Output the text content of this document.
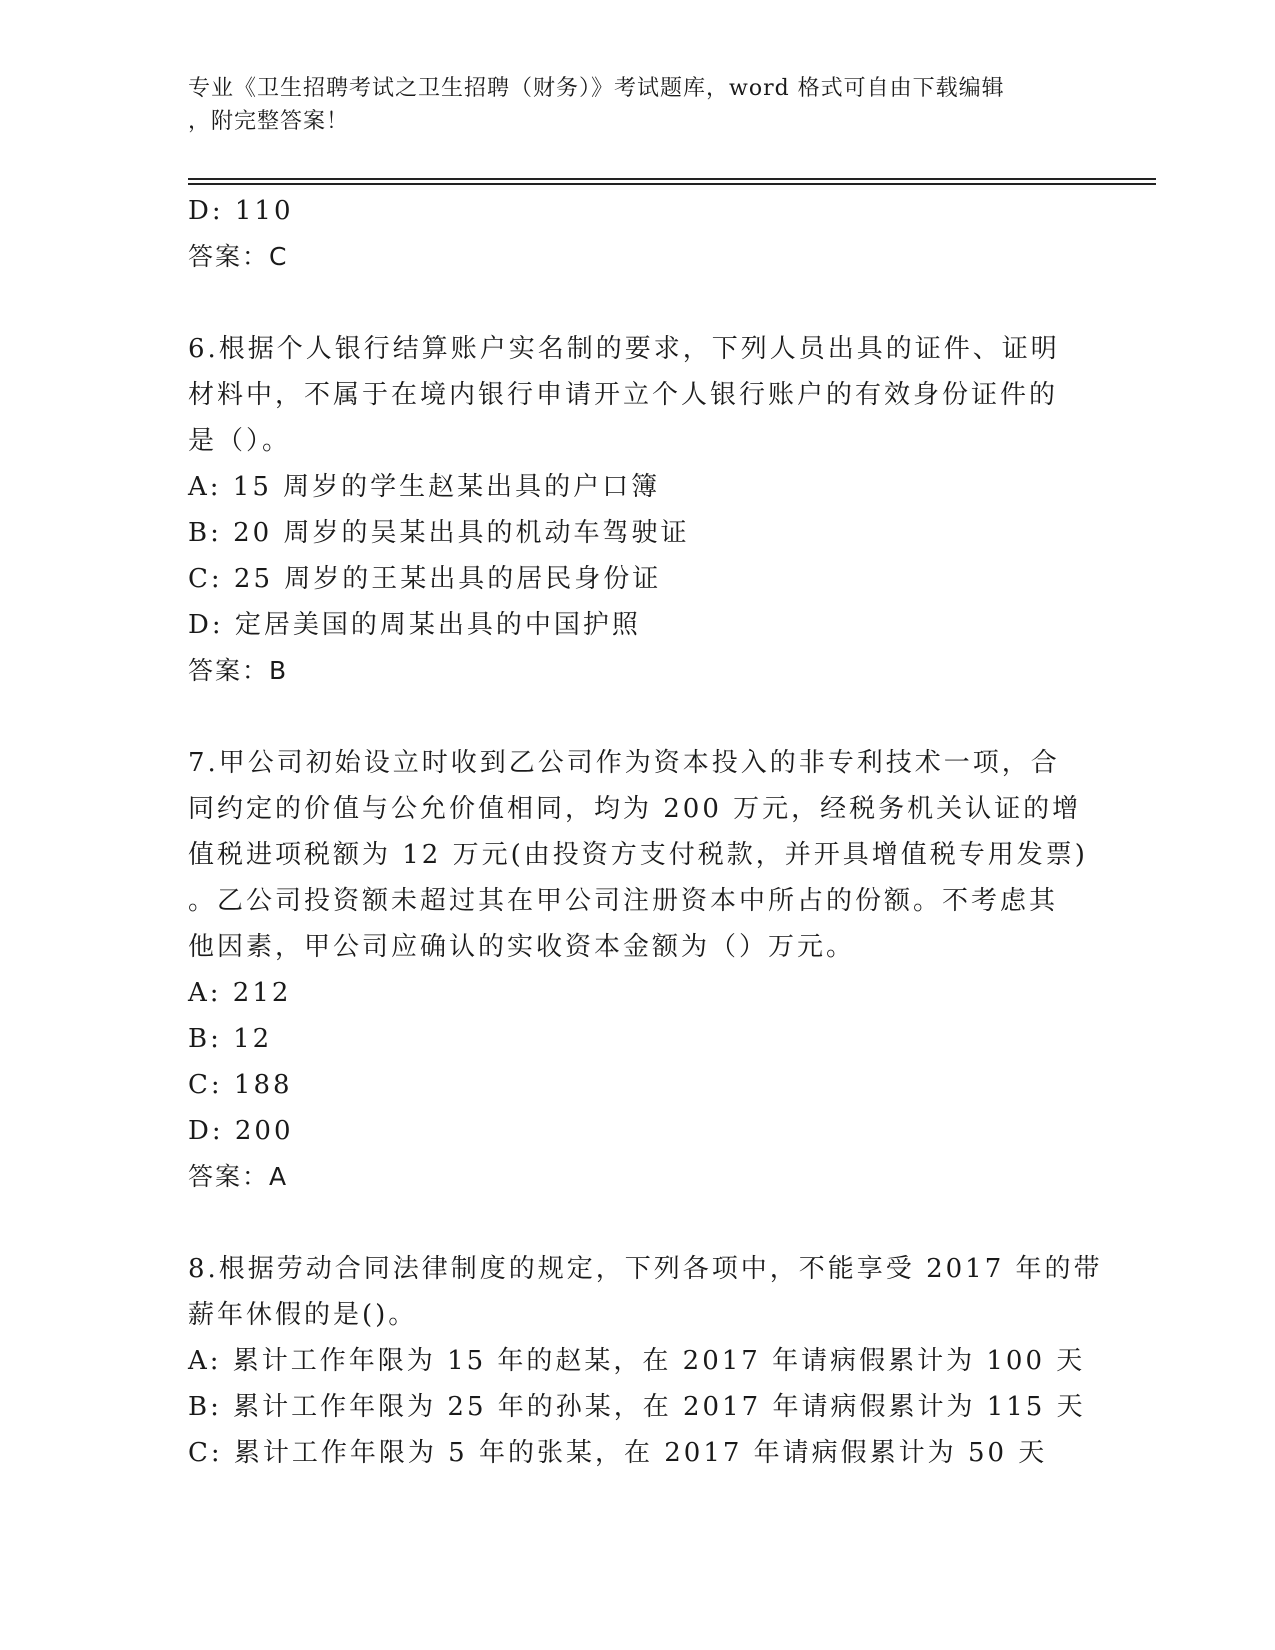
专业《卫生招聘考试之卫生招聘（财务）》考试题库，word 格式可自由下载编辑
，附完整答案！
D: 110
答案：C
6.根据个人银行结算账户实名制的要求，下列人员出具的证件、证明
材料中，不属于在境内银行申请开立个人银行账户的有效身份证件的
是（）。
A: 15 周岁的学生赵某出具的户口簿
B: 20 周岁的吴某出具的机动车驾驶证
C: 25 周岁的王某出具的居民身份证
D: 定居美国的周某出具的中国护照
答案：B
7.甲公司初始设立时收到乙公司作为资本投入的非专利技术一项，合
同约定的价值与公允价值相同，均为 200 万元，经税务机关认证的增
值税进项税额为 12 万元(由投资方支付税款，并开具增值税专用发票)
。乙公司投资额未超过其在甲公司注册资本中所占的份额。不考虑其
他因素，甲公司应确认的实收资本金额为（）万元。
A: 212
B: 12
C: 188
D: 200
答案：A
8.根据劳动合同法律制度的规定，下列各项中，不能享受 2017 年的带
薪年休假的是()。
A: 累计工作年限为 15 年的赵某，在 2017 年请病假累计为 100 天
B: 累计工作年限为 25 年的孙某，在 2017 年请病假累计为 115 天
C: 累计工作年限为 5 年的张某，在 2017 年请病假累计为 50 天
